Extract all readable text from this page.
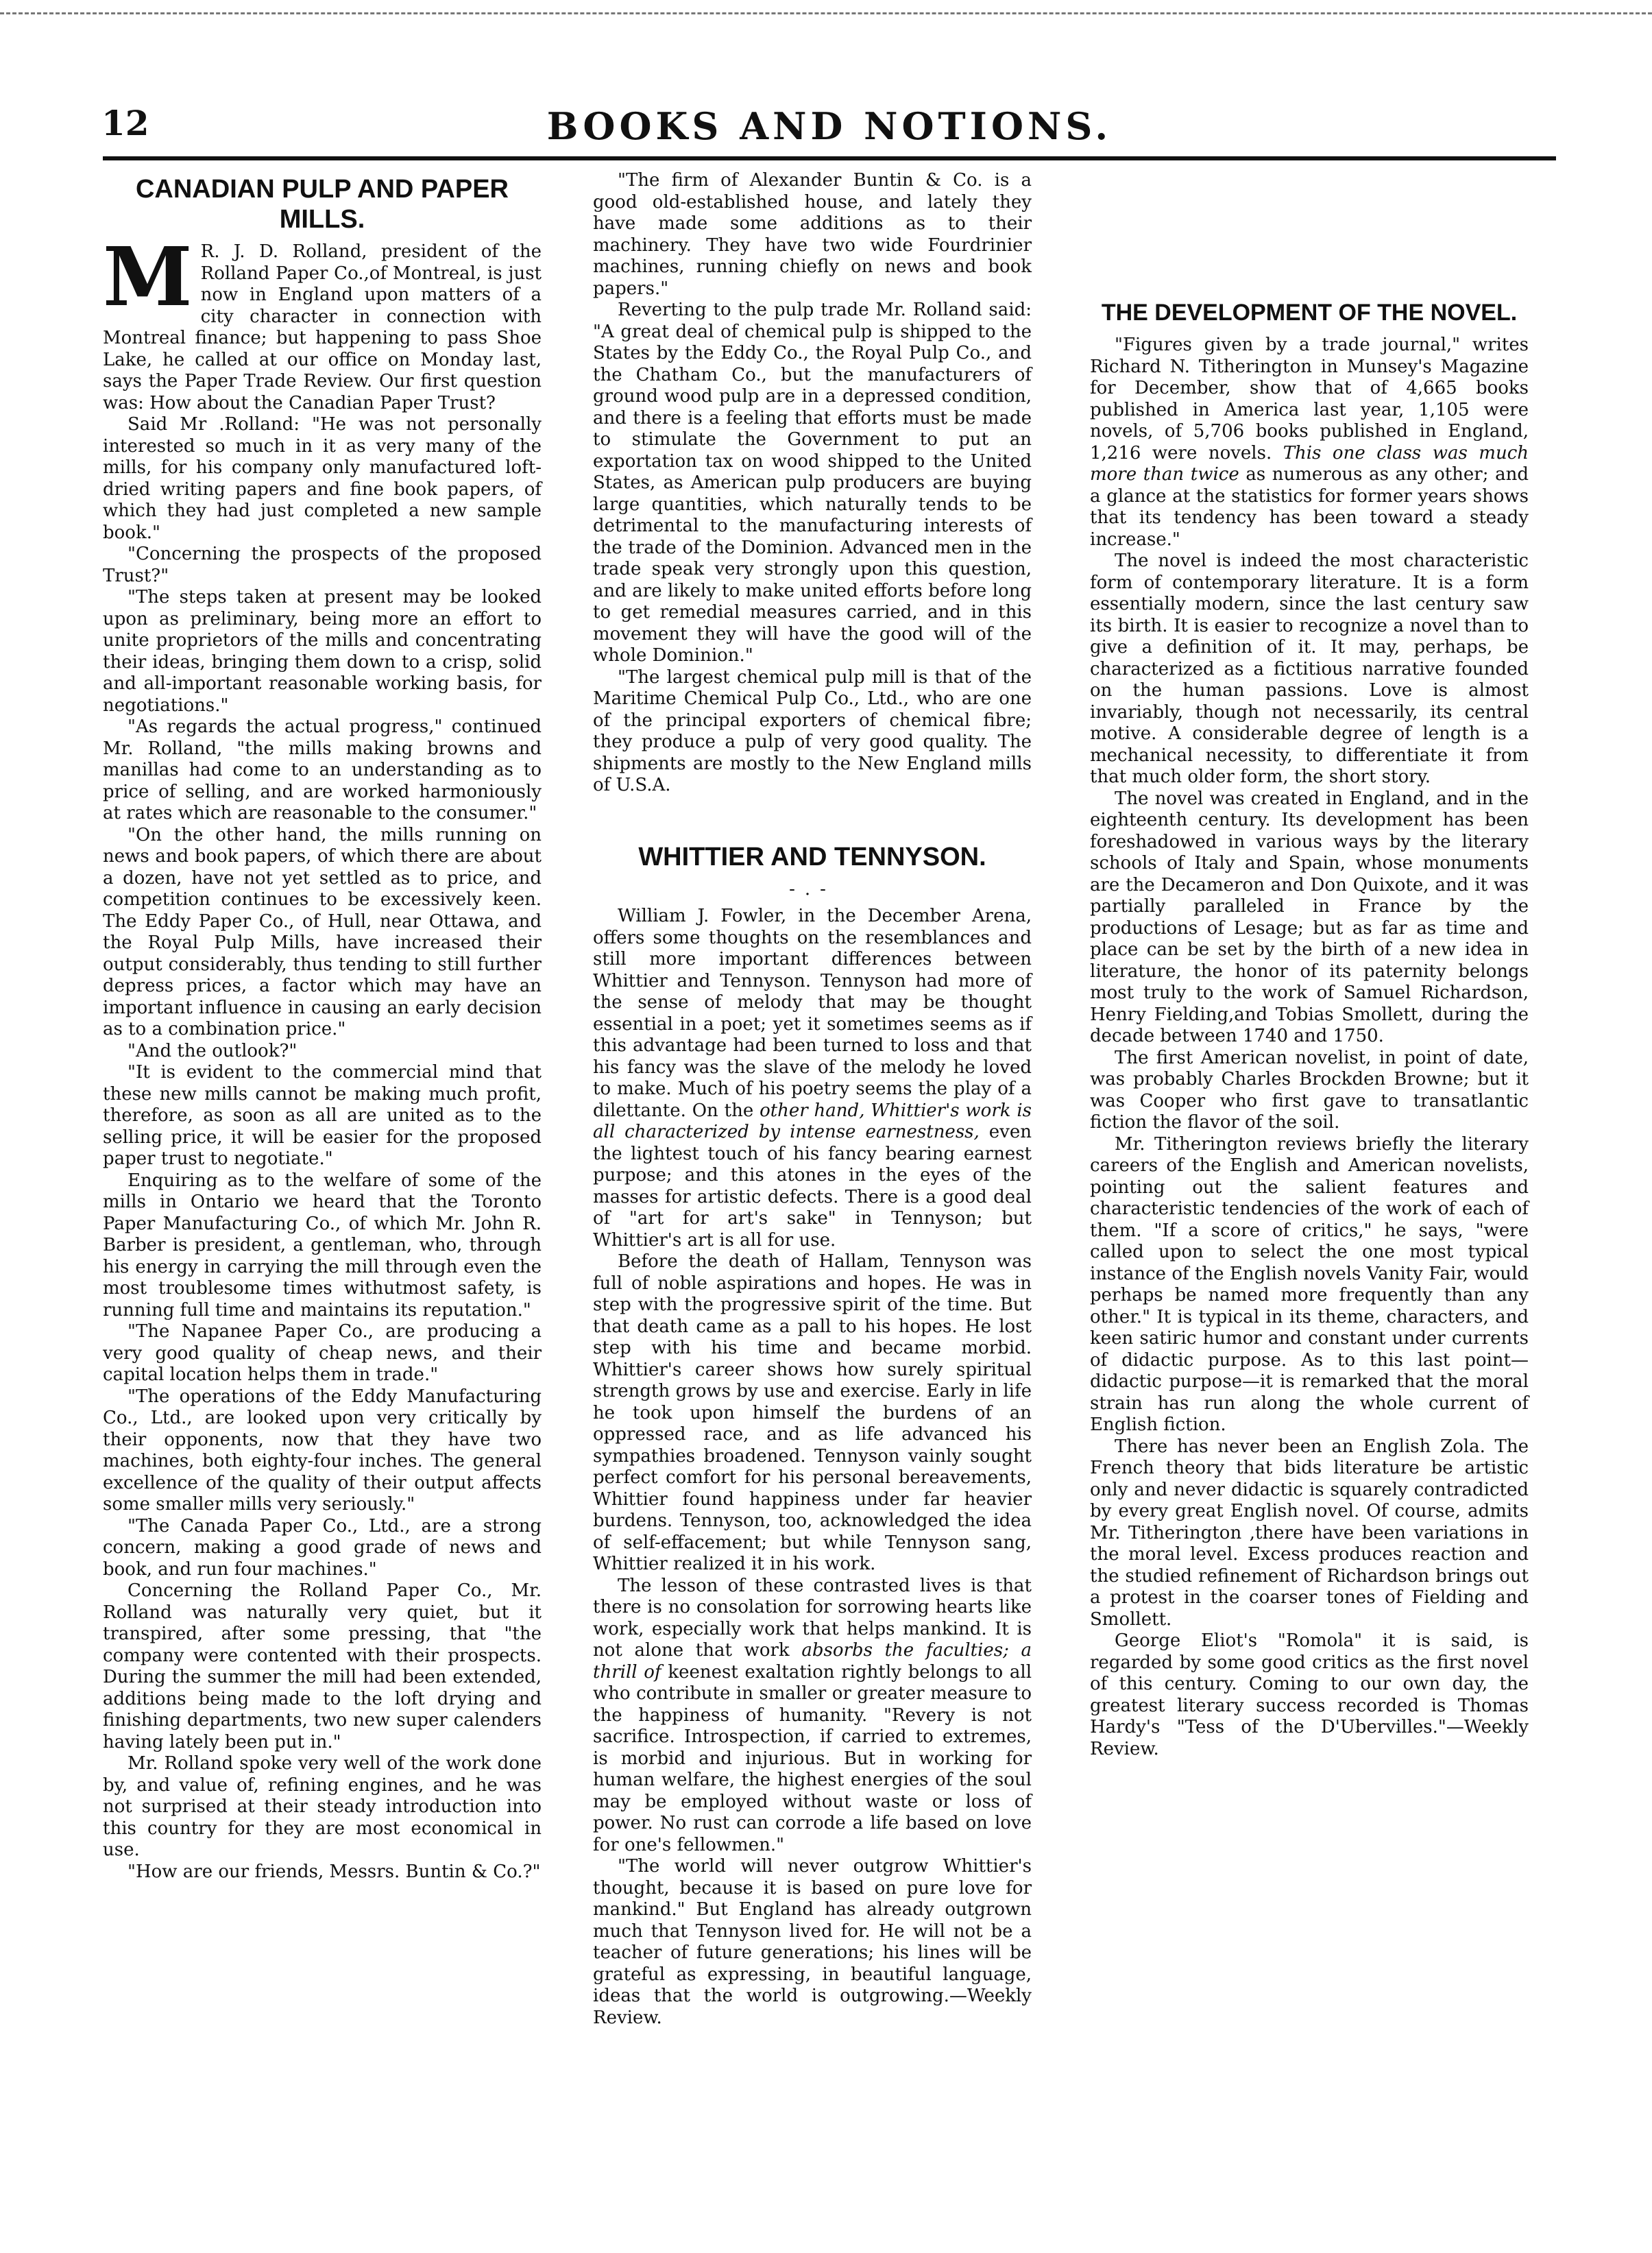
12	BOOKS AND NOTIONS.
CANADIAN PULP AND PAPER MILLS.

M R. J. D. Rolland, president of the Rolland Paper Co.,of Montreal, is just now in England upon matters of a city character in connection with Montreal finance; but happening to pass Shoe Lake, he called at our office on Monday last, says the Paper Trade Review. Our first question was: How about the Canadian Paper Trust?

Said Mr .Rolland: "He was not personally interested so much in it as very many of the mills, for his company only manufactured loft-dried writing papers and fine book papers, of which they had just completed a new sample book."

"Concerning the prospects of the proposed Trust?"

"The steps taken at present may be looked upon as preliminary, being more an effort to unite proprietors of the mills and concentrating their ideas, bringing them down to a crisp, solid and all-important reasonable working basis, for negotiations."

"As regards the actual progress," continued Mr. Rolland, "the mills making browns and manillas had come to an understanding as to price of selling, and are worked harmoniously at rates which are reasonable to the consumer."

"On the other hand, the mills running on news and book papers, of which there are about a dozen, have not yet settled as to price, and competition continues to be excessively keen. The Eddy Paper Co., of Hull, near Ottawa, and the Royal Pulp Mills, have increased their output considerably, thus tending to still further depress prices, a factor which may have an important influence in causing an early decision as to a combination price."

"And the outlook?"

"It is evident to the commercial mind that these new mills cannot be making much profit, therefore, as soon as all are united as to the selling price, it will be easier for the proposed paper trust to negotiate."

Enquiring as to the welfare of some of the mills in Ontario we heard that the Toronto Paper Manufacturing Co., of which Mr. John R. Barber is president, a gentleman, who, through his energy in carrying the mill through even the most troublesome times withutmost safety, is running full time and maintains its reputation."

"The Napanee Paper Co., are producing a very good quality of cheap news, and their capital location helps them in trade."

"The operations of the Eddy Manufacturing Co., Ltd., are looked upon very critically by their opponents, now that they have two machines, both eighty-four inches. The general excellence of the quality of their output affects some smaller mills very seriously."

"The Canada Paper Co., Ltd., are a strong concern, making a good grade of news and book, and run four machines."

Concerning the Rolland Paper Co., Mr. Rolland was naturally very quiet, but it transpired, after some pressing, that "the company were contented with their prospects. During the summer the mill had been extended, additions being made to the loft drying and finishing departments, two new super calenders having lately been put in."

Mr. Rolland spoke very well of the work done by, and value of, refining engines, and he was not surprised at their steady introduction into this country for they are most economical in use.

"How are our friends, Messrs. Buntin & Co.?"

"The firm of Alexander Buntin & Co. is a good old-established house, and lately they have made some additions as to their machinery. They have two wide Fourdrinier machines, running chiefly on news and book papers."

Reverting to the pulp trade Mr. Rolland said: "A great deal of chemical pulp is shipped to the States by the Eddy Co., the Royal Pulp Co., and the Chatham Co., but the manufacturers of ground wood pulp are in a depressed condition, and there is a feeling that efforts must be made to stimulate the Government to put an exportation tax on wood shipped to the United States, as American pulp producers are buying large quantities, which naturally tends to be detrimental to the manufacturing interests of the trade of the Dominion. Advanced men in the trade speak very strongly upon this question, and are likely to make united efforts before long to get remedial measures carried, and in this movement they will have the good will of the whole Dominion."

"The largest chemical pulp mill is that of the Maritime Chemical Pulp Co., Ltd., who are one of the principal exporters of chemical fibre; they produce a pulp of very good quality. The shipments are mostly to the New England mills of U.S.A.

WHITTIER AND TENNYSON.
-.-

William J. Fowler, in the December Arena, offers some thoughts on the resemblances and still more important differences between Whittier and Tennyson. Tennyson had more of the sense of melody that may be thought essential in a poet; yet it sometimes seems as if this advantage had been turned to loss and that his fancy was the slave of the melody he loved to make. Much of his poetry seems the play of a dilettante. On the other hand, Whittier's work is all characterized by intense earnestness, even the lightest touch of his fancy bearing earnest purpose; and this atones in the eyes of the masses for artistic defects. There is a good deal of "art for art's sake" in Tennyson; but Whittier's art is all for use.

Before the death of Hallam, Tennyson was full of noble aspirations and hopes. He was in step with the progressive spirit of the time. But that death came as a pall to his hopes. He lost step with his time and became morbid. Whittier's career shows how surely spiritual strength grows by use and exercise. Early in life he took upon himself the burdens of an oppressed race, and as life advanced his sympathies broadened. Tennyson vainly sought perfect comfort for his personal bereavements, Whittier found happiness under far heavier burdens. Tennyson, too, acknowledged the idea of self-effacement; but while Tennyson sang, Whittier realized it in his work.

The lesson of these contrasted lives is that there is no consolation for sorrowing hearts like work, especially work that helps mankind. It is not alone that work absorbs the faculties; a thrill of keenest exaltation rightly belongs to all who contribute in smaller or greater measure to the happiness of humanity. "Revery is not sacrifice. Introspection, if carried to extremes, is morbid and injurious. But in working for human welfare, the highest energies of the soul may be employed without waste or loss of power. No rust can corrode a life based on love for one's fellowmen."

"The world will never outgrow Whittier's thought, because it is based on pure love for mankind." But England has already outgrown much that Tennyson lived for. He will not be a teacher of future generations; his lines will be grateful as expressing, in beautiful language, ideas that the world is outgrowing.—Weekly Review.

THE DEVELOPMENT OF THE NOVEL.

"Figures given by a trade journal," writes Richard N. Titherington in Munsey's Magazine for December, show that of 4,665 books published in America last year, 1,105 were novels, of 5,706 books published in England, 1,216 were novels. This one class was much more than twice as numerous as any other; and a glance at the statistics for former years shows that its tendency has been toward a steady increase."

The novel is indeed the most characteristic form of contemporary literature. It is a form essentially modern, since the last century saw its birth. It is easier to recognize a novel than to give a definition of it. It may, perhaps, be characterized as a fictitious narrative founded on the human passions. Love is almost invariably, though not necessarily, its central motive. A considerable degree of length is a mechanical necessity, to differentiate it from that much older form, the short story.

The novel was created in England, and in the eighteenth century. Its development has been foreshadowed in various ways by the literary schools of Italy and Spain, whose monuments are the Decameron and Don Quixote, and it was partially paralleled in France by the productions of Lesage; but as far as time and place can be set by the birth of a new idea in literature, the honor of its paternity belongs most truly to the work of Samuel Richardson, Henry Fielding,and Tobias Smollett, during the decade between 1740 and 1750.

The first American novelist, in point of date, was probably Charles Brockden Browne; but it was Cooper who first gave to transatlantic fiction the flavor of the soil.

Mr. Titherington reviews briefly the literary careers of the English and American novelists, pointing out the salient features and characteristic tendencies of the work of each of them. "If a score of critics," he says, "were called upon to select the one most typical instance of the English novels Vanity Fair, would perhaps be named more frequently than any other." It is typical in its theme, characters, and keen satiric humor and constant under currents of didactic purpose. As to this last point—didactic purpose—it is remarked that the moral strain has run along the whole current of English fiction.

There has never been an English Zola. The French theory that bids literature be artistic only and never didactic is squarely contradicted by every great English novel. Of course, admits Mr. Titherington ,there have been variations in the moral level. Excess produces reaction and the studied refinement of Richardson brings out a protest in the coarser tones of Fielding and Smollett.

George Eliot's "Romola" it is said, is regarded by some good critics as the first novel of this century. Coming to our own day, the greatest literary success recorded is Thomas Hardy's "Tess of the D'Ubervilles."—Weekly Review.
